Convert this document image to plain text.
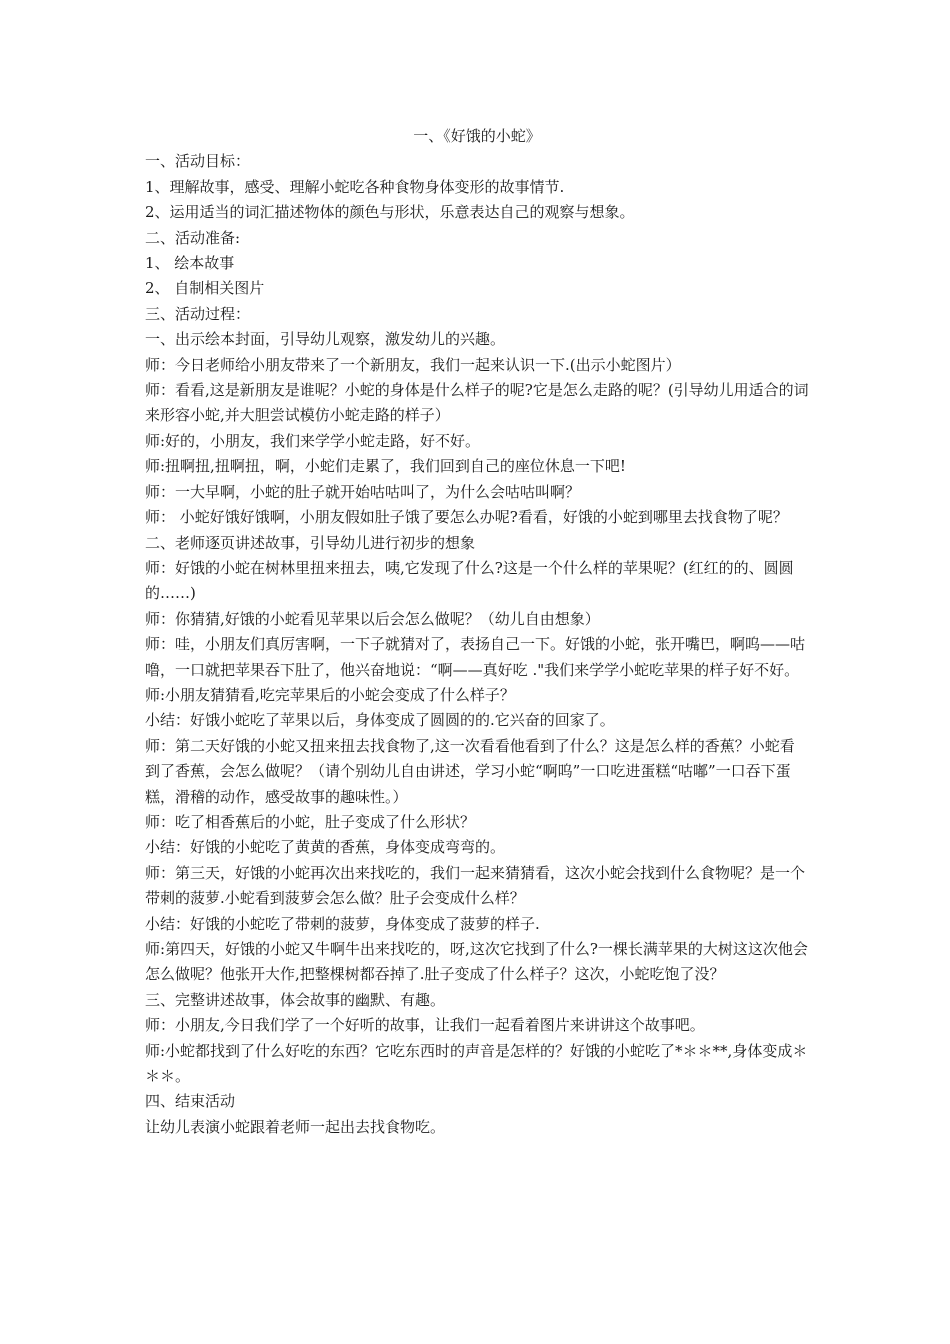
一、《好饿的小蛇》

一、活动目标：

1、理解故事，感受、理解小蛇吃各种食物身体变形的故事情节.

2、运用适当的词汇描述物体的颜色与形状，乐意表达自己的观察与想象。

二、活动准备:

1、 绘本故事

2、 自制相关图片

三、活动过程：

一、出示绘本封面，引导幼儿观察，激发幼儿的兴趣。

师：今日老师给小朋友带来了一个新朋友，我们一起来认识一下.(出示小蛇图片）

师：看看,这是新朋友是谁呢？小蛇的身体是什么样子的呢?它是怎么走路的呢？(引导幼儿用适合的词来形容小蛇,并大胆尝试模仿小蛇走路的样子）

师:好的，小朋友，我们来学学小蛇走路，好不好。

师:扭啊扭,扭啊扭，啊，小蛇们走累了，我们回到自己的座位休息一下吧!

师：一大早啊，小蛇的肚子就开始咕咕叫了，为什么会咕咕叫啊？

师： 小蛇好饿好饿啊，小朋友假如肚子饿了要怎么办呢?看看，好饿的小蛇到哪里去找食物了呢？

二、老师逐页讲述故事，引导幼儿进行初步的想象

师：好饿的小蛇在树林里扭来扭去，咦,它发现了什么?这是一个什么样的苹果呢？(红红的的、圆圆的……)

师：你猜猜,好饿的小蛇看见苹果以后会怎么做呢？（幼儿自由想象）

师：哇，小朋友们真厉害啊，一下子就猜对了，表扬自己一下。好饿的小蛇，张开嘴巴，啊呜——咕噜，一口就把苹果吞下肚了，他兴奋地说：“啊——真好吃 ."我们来学学小蛇吃苹果的样子好不好。

师:小朋友猜猜看,吃完苹果后的小蛇会变成了什么样子？

小结：好饿小蛇吃了苹果以后，身体变成了圆圆的的.它兴奋的回家了。

师：第二天好饿的小蛇又扭来扭去找食物了,这一次看看他看到了什么？这是怎么样的香蕉？小蛇看到了香蕉，会怎么做呢？（请个别幼儿自由讲述，学习小蛇“啊呜”一口吃进蛋糕“咕嘟”一口吞下蛋糕，滑稽的动作，感受故事的趣味性。）

师：吃了相香蕉后的小蛇，肚子变成了什么形状？

小结：好饿的小蛇吃了黄黄的香蕉，身体变成弯弯的。

师：第三天，好饿的小蛇再次出来找吃的，我们一起来猜猜看，这次小蛇会找到什么食物呢？是一个带刺的菠萝.小蛇看到菠萝会怎么做？肚子会变成什么样？

小结：好饿的小蛇吃了带刺的菠萝，身体变成了菠萝的样子.

师:第四天，好饿的小蛇又牛啊牛出来找吃的，呀,这次它找到了什么?一棵长满苹果的大树这这次他会怎么做呢？他张开大作,把整棵树都吞掉了.肚子变成了什么样子？这次，小蛇吃饱了没？

三、完整讲述故事，体会故事的幽默、有趣。

师：小朋友,今日我们学了一个好听的故事，让我们一起看着图片来讲讲这个故事吧。

师:小蛇都找到了什么好吃的东西？它吃东西时的声音是怎样的？好饿的小蛇吃了*＊＊**,身体变成＊＊＊。

四、结束活动

让幼儿表演小蛇跟着老师一起出去找食物吃。
